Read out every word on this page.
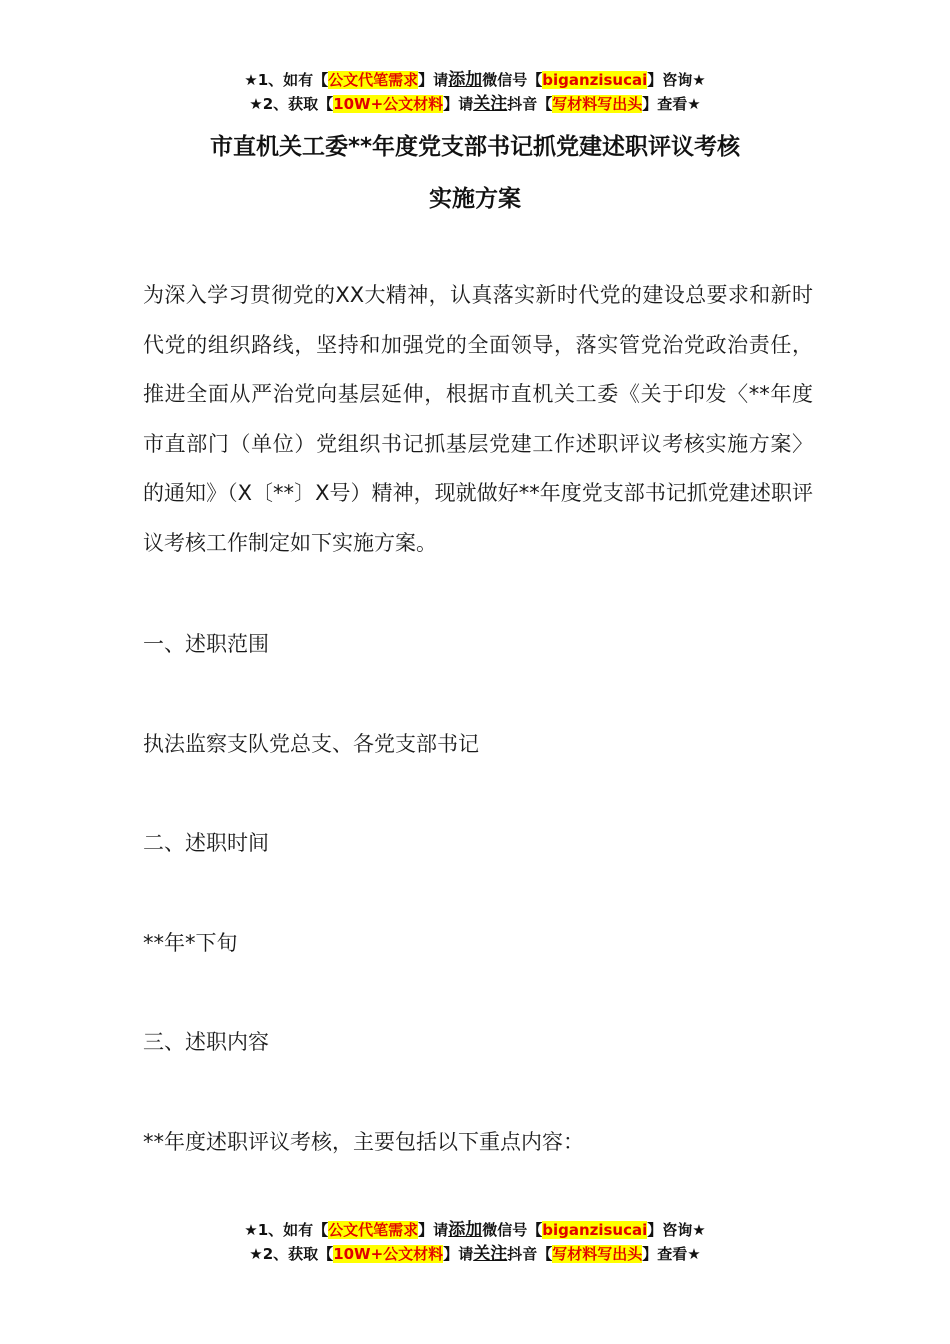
★1、如有【公文代笔需求】请添加微信号【biganzisucai】咨询★
★2、获取【10W+公文材料】请关注抖音【写材料写出头】查看★
市直机关工委**年度党支部书记抓党建述职评议考核
实施方案
为深入学习贯彻党的XX大精神，认真落实新时代党的建设总要求和新时代党的组织路线，坚持和加强党的全面领导，落实管党治党政治责任，推进全面从严治党向基层延伸，根据市直机关工委《关于印发〈**年度市直部门（单位）党组织书记抓基层党建工作述职评议考核实施方案〉的通知》（X〔**〕X号）精神，现就做好**年度党支部书记抓党建述职评议考核工作制定如下实施方案。
一、述职范围
执法监察支队党总支、各党支部书记
二、述职时间
**年*下旬
三、述职内容
**年度述职评议考核，主要包括以下重点内容：
★1、如有【公文代笔需求】请添加微信号【biganzisucai】咨询★
★2、获取【10W+公文材料】请关注抖音【写材料写出头】查看★
